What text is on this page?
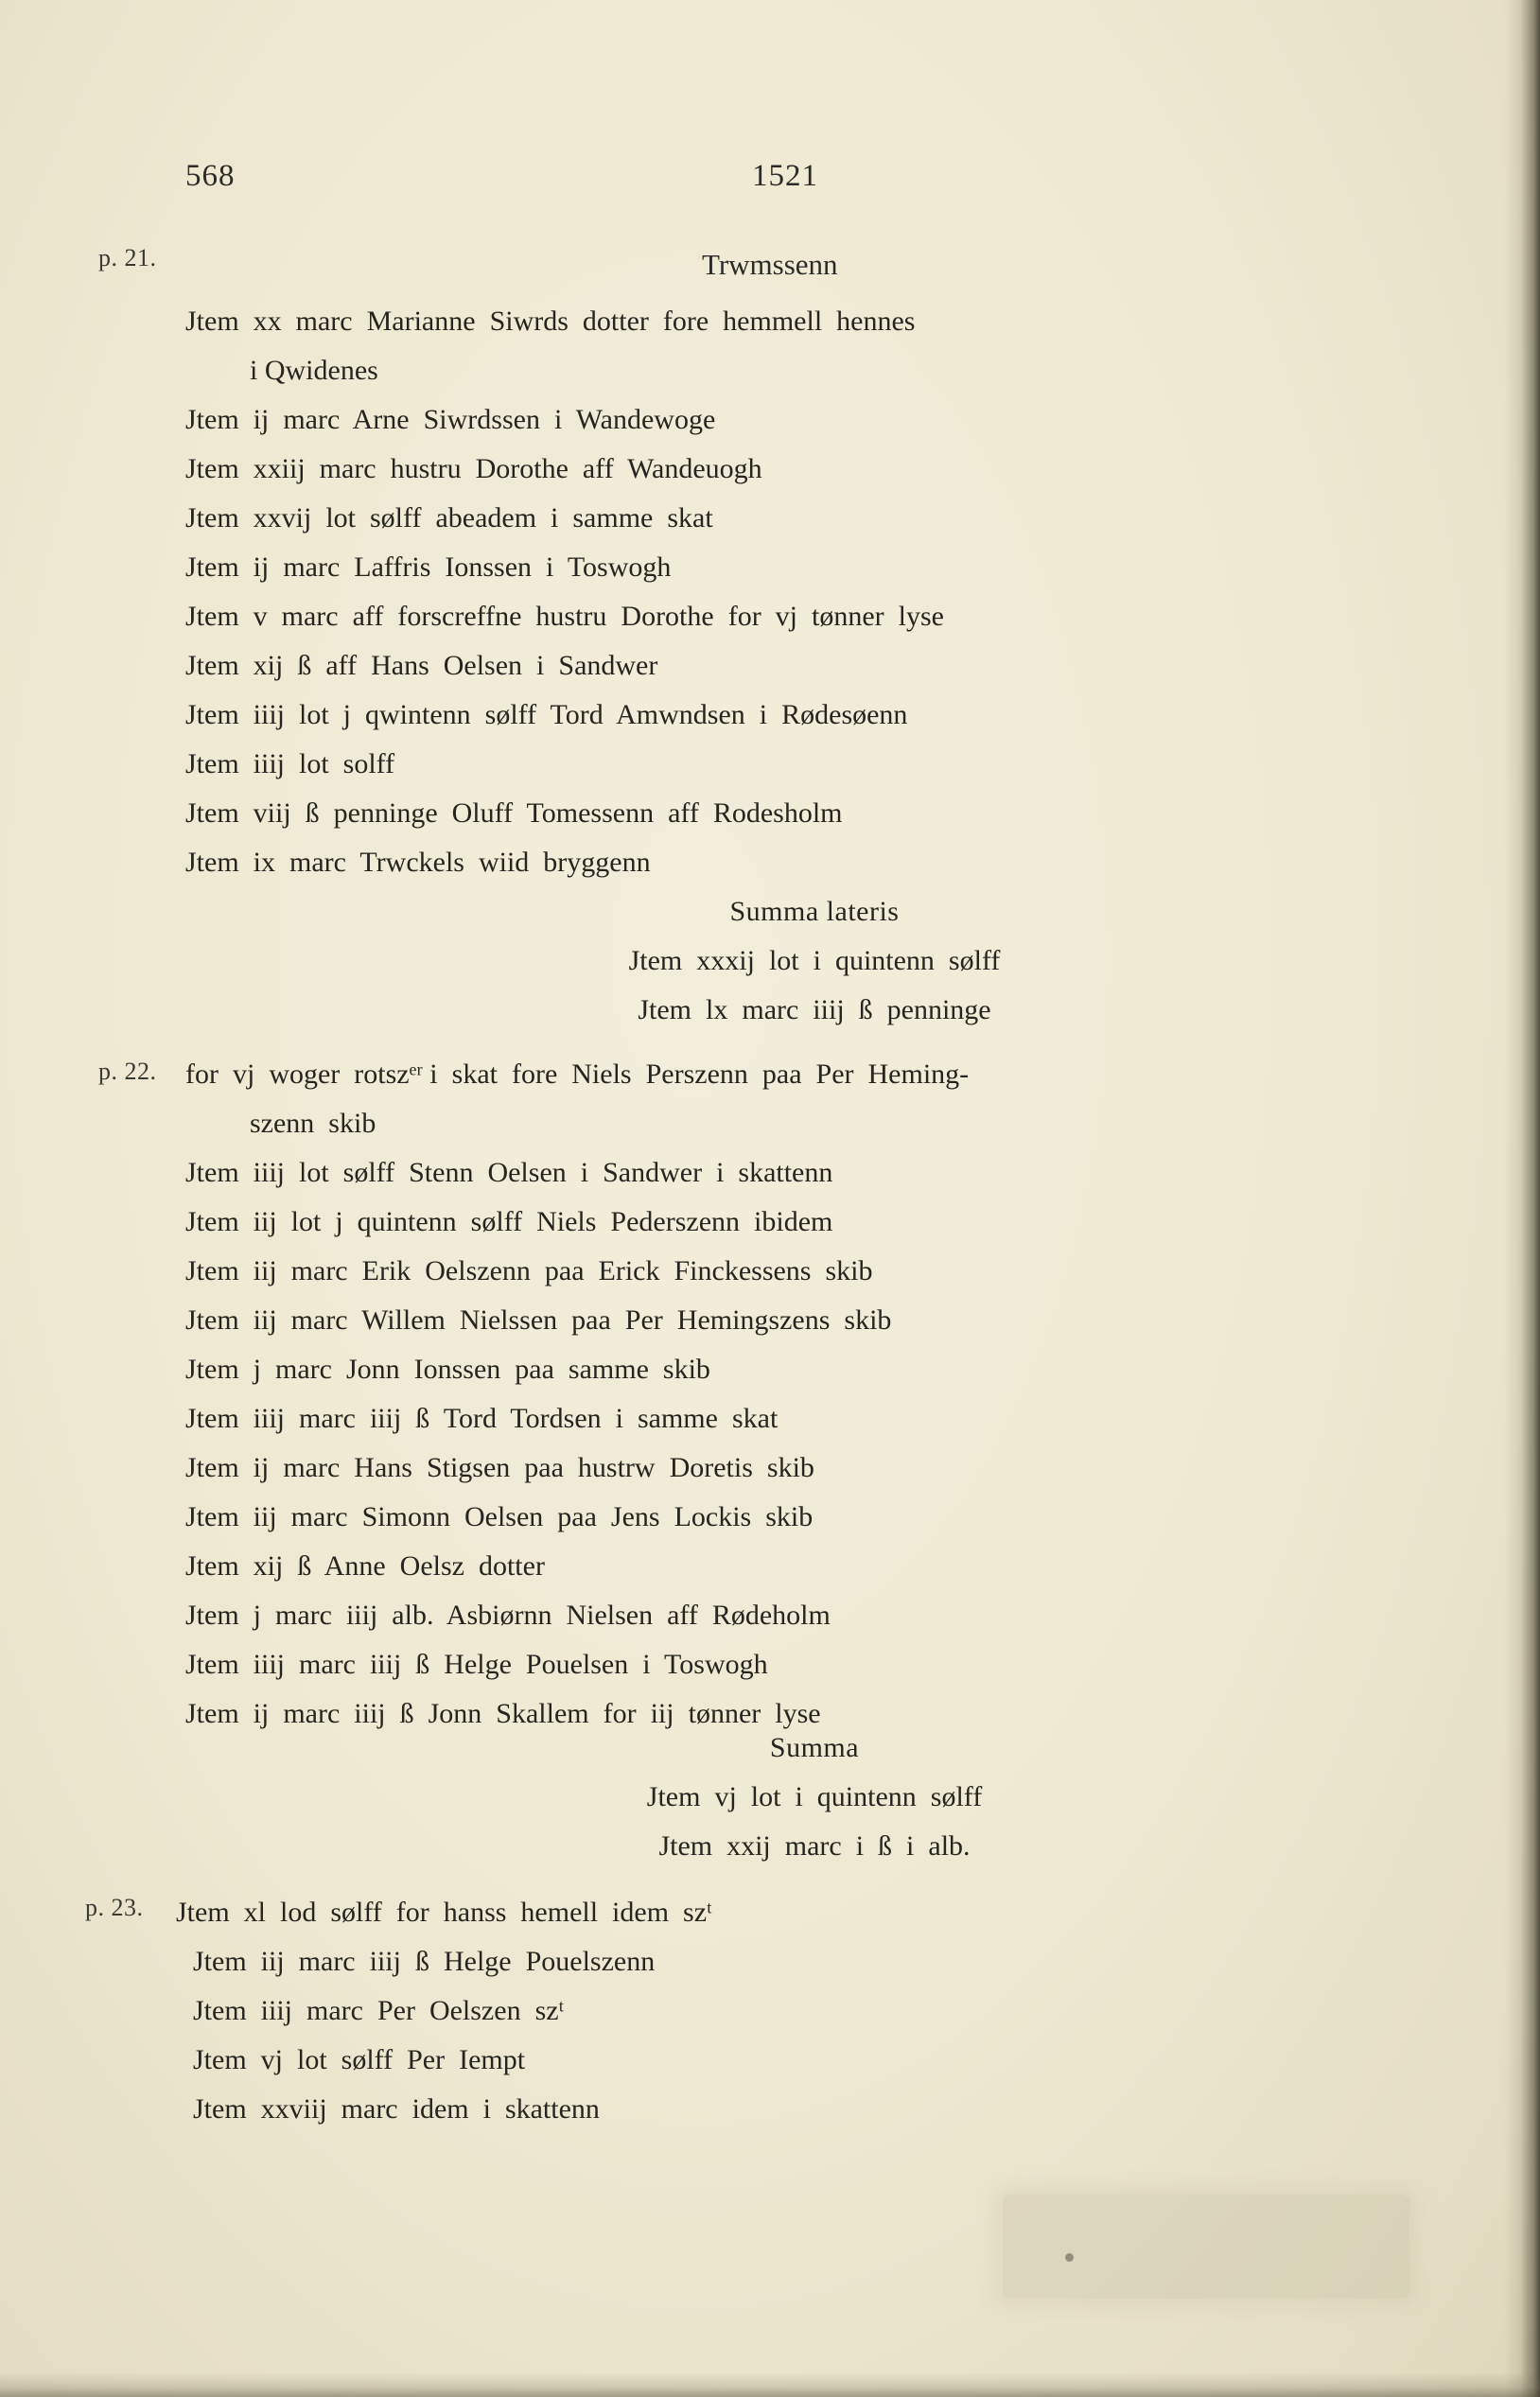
568	1521
p. 21.
p. 22.
p. 23.
Trwmssenn
Jtem  xx  marc  Marianne  Siwrds  dotter  fore  hemmell  hennes
i Qwidenes
Jtem  ij  marc  Arne  Siwrdssen  i  Wandewoge
Jtem  xxiij  marc  hustru  Dorothe  aff  Wandeuogh
Jtem  xxvij  lot  sølff  abeadem  i  samme  skat
Jtem  ij  marc  Laffris  Ionssen  i  Toswogh
Jtem  v  marc  aff  forscreffne  hustru  Dorothe  for  vj  tønner  lyse
Jtem  xij  ß  aff  Hans  Oelsen  i  Sandwer
Jtem  iiij  lot  j  qwintenn  sølff  Tord  Amwndsen  i  Rødesøenn
Jtem  iiij  lot  solff
Jtem  viij  ß  penninge  Oluff  Tomessenn  aff  Rodesholm
Jtem  ix  marc  Trwckels  wiid  bryggenn
Summa lateris
Jtem  xxxij  lot  i  quintenn  sølff
Jtem  lx  marc  iiij  ß  penninge
for  vj  woger  rotszᵉʳ i  skat  fore  Niels  Perszenn  paa  Per  Heming-
szenn  skib
Jtem  iiij  lot  sølff  Stenn  Oelsen  i  Sandwer  i  skattenn
Jtem  iij  lot  j  quintenn  sølff  Niels  Pederszenn  ibidem
Jtem  iij  marc  Erik  Oelszenn  paa  Erick  Finckessens  skib
Jtem  iij  marc  Willem  Nielssen  paa  Per  Hemingszens  skib
Jtem  j  marc  Jonn  Ionssen  paa  samme  skib
Jtem  iiij  marc  iiij  ß  Tord  Tordsen  i  samme  skat
Jtem  ij  marc  Hans  Stigsen  paa  hustrw  Doretis  skib
Jtem  iij  marc  Simonn  Oelsen  paa  Jens  Lockis  skib
Jtem  xij  ß  Anne  Oelsz  dotter
Jtem  j  marc  iiij  alb.  Asbiørnn  Nielsen  aff  Rødeholm
Jtem  iiij  marc  iiij  ß  Helge  Pouelsen  i  Toswogh
Jtem  ij  marc  iiij  ß  Jonn  Skallem  for  iij  tønner  lyse
Summa
Jtem  vj  lot  i  quintenn  sølff
Jtem  xxij  marc  i  ß  i  alb.
Jtem  xl  lod  sølff  for  hanss  hemell  idem  szᵗ
Jtem  iij  marc  iiij  ß  Helge  Pouelszenn
Jtem  iiij  marc  Per  Oelszen  szᵗ
Jtem  vj  lot  sølff  Per  Iempt
Jtem  xxviij  marc  idem  i  skattenn
